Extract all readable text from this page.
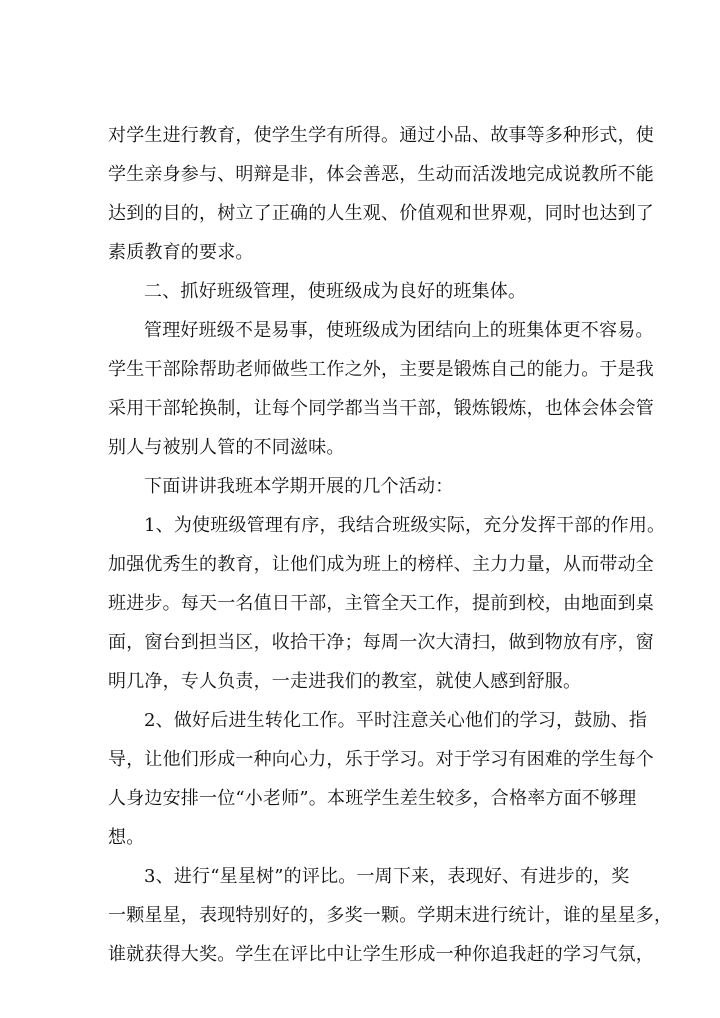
对学生进行教育，使学生学有所得。通过小品、故事等多种形式，使
学生亲身参与、明辩是非，体会善恶，生动而活泼地完成说教所不能
达到的目的，树立了正确的人生观、价值观和世界观，同时也达到了
素质教育的要求。
二、抓好班级管理，使班级成为良好的班集体。
管理好班级不是易事，使班级成为团结向上的班集体更不容易。
学生干部除帮助老师做些工作之外，主要是锻炼自己的能力。于是我
采用干部轮换制，让每个同学都当当干部，锻炼锻炼，也体会体会管
别人与被别人管的不同滋味。
下面讲讲我班本学期开展的几个活动：
1、为使班级管理有序，我结合班级实际，充分发挥干部的作用。
加强优秀生的教育，让他们成为班上的榜样、主力力量，从而带动全
班进步。每天一名值日干部，主管全天工作，提前到校，由地面到桌
面，窗台到担当区，收拾干净；每周一次大清扫，做到物放有序，窗
明几净，专人负责，一走进我们的教室，就使人感到舒服。
2、做好后进生转化工作。平时注意关心他们的学习，鼓励、指
导，让他们形成一种向心力，乐于学习。对于学习有困难的学生每个
人身边安排一位“小老师”。本班学生差生较多，合格率方面不够理
想。
3、进行“星星树”的评比。一周下来，表现好、有进步的，奖
一颗星星，表现特别好的，多奖一颗。学期末进行统计，谁的星星多，
谁就获得大奖。学生在评比中让学生形成一种你追我赶的学习气氛，
